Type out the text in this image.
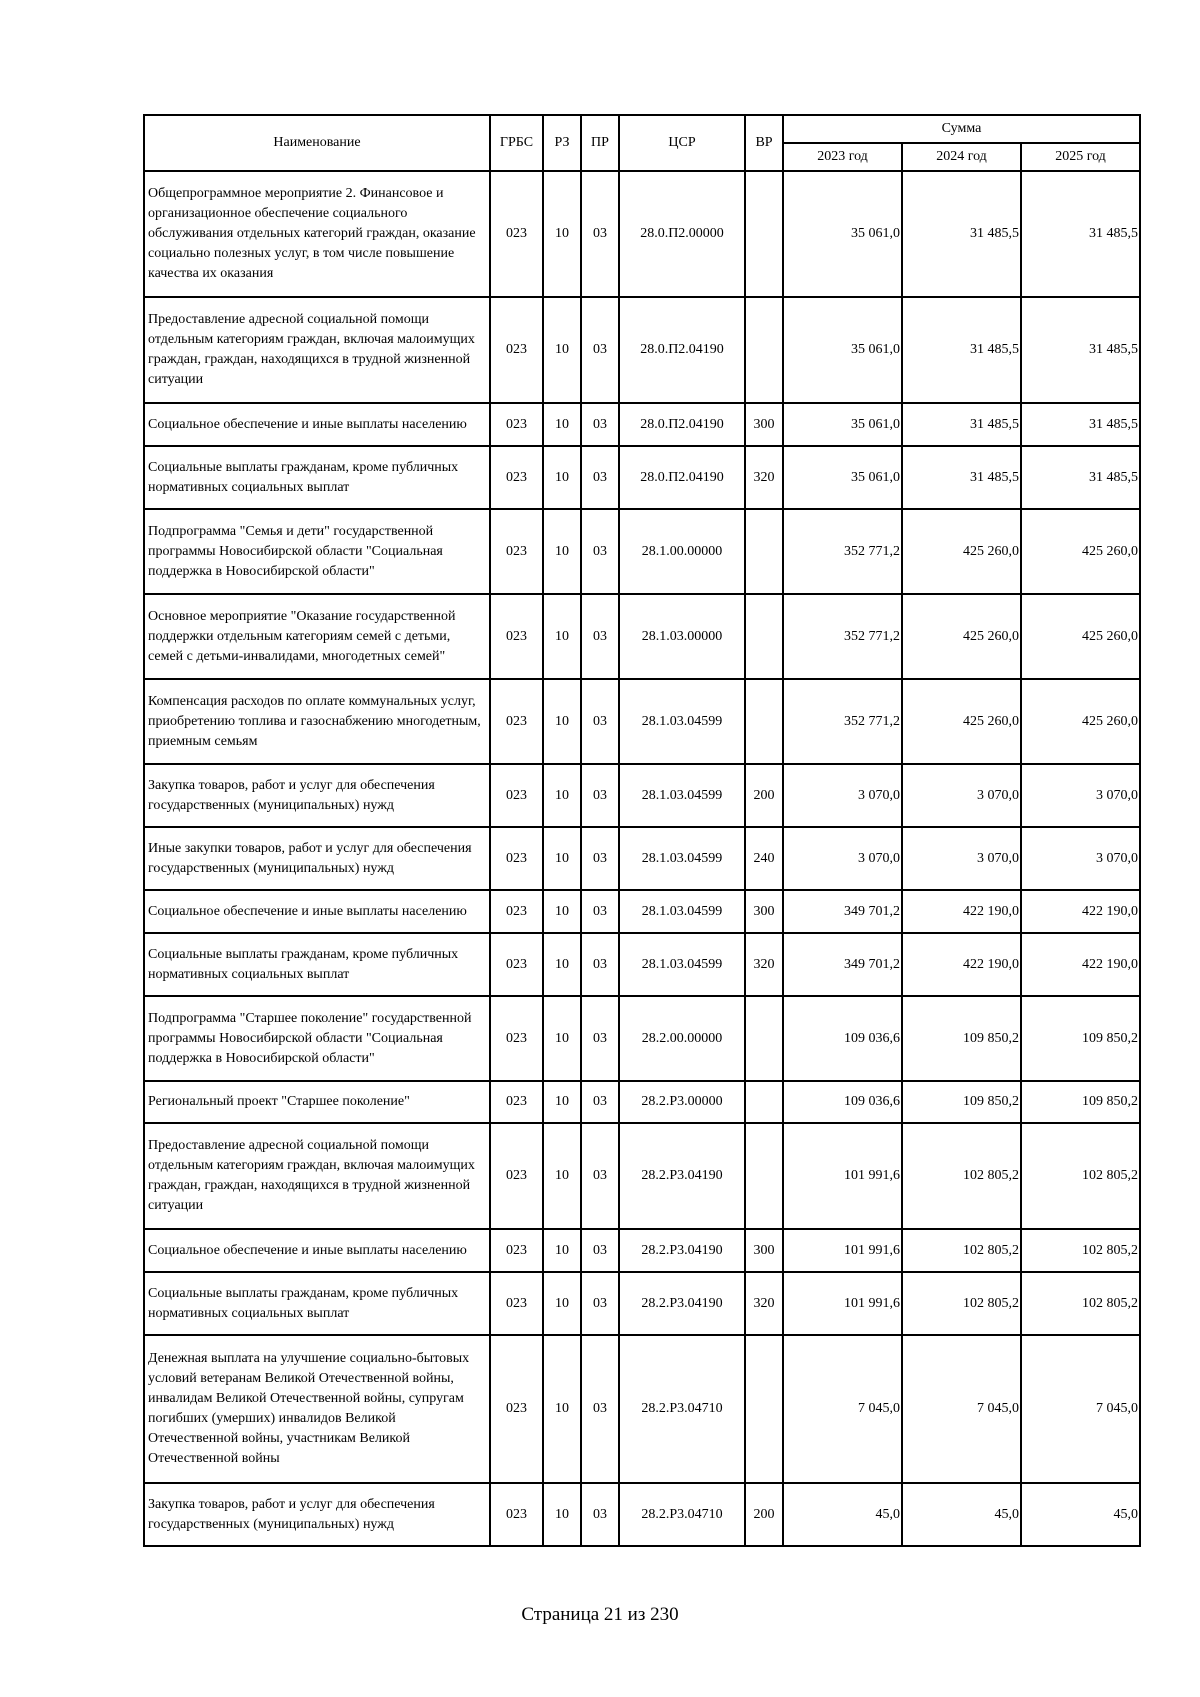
Наименование	ГРБС	РЗ	ПР	ЦСР	ВР	Сумма		
						2023 год	2024 год	2025 год
Общепрограммное мероприятие 2. Финансовое и организационное обеспечение социального обслуживания отдельных категорий граждан, оказание социально полезных услуг, в том числе повышение качества их оказания	023	10	03	28.0.П2.00000		35 061,0	31 485,5	31 485,5
Предоставление адресной социальной помощи отдельным категориям граждан, включая малоимущих граждан, граждан, находящихся в трудной жизненной ситуации	023	10	03	28.0.П2.04190		35 061,0	31 485,5	31 485,5
Социальное обеспечение и иные выплаты населению	023	10	03	28.0.П2.04190	300	35 061,0	31 485,5	31 485,5
Социальные выплаты гражданам, кроме публичных нормативных социальных выплат	023	10	03	28.0.П2.04190	320	35 061,0	31 485,5	31 485,5
Подпрограмма "Семья и дети" государственной программы Новосибирской области "Социальная поддержка в Новосибирской области"	023	10	03	28.1.00.00000		352 771,2	425 260,0	425 260,0
Основное мероприятие "Оказание государственной поддержки отдельным категориям семей с детьми, семей с детьми-инвалидами, многодетных семей"	023	10	03	28.1.03.00000		352 771,2	425 260,0	425 260,0
Компенсация расходов по оплате коммунальных услуг, приобретению топлива и газоснабжению многодетным, приемным семьям	023	10	03	28.1.03.04599		352 771,2	425 260,0	425 260,0
Закупка товаров, работ и услуг для обеспечения государственных (муниципальных) нужд	023	10	03	28.1.03.04599	200	3 070,0	3 070,0	3 070,0
Иные закупки товаров, работ и услуг для обеспечения государственных (муниципальных) нужд	023	10	03	28.1.03.04599	240	3 070,0	3 070,0	3 070,0
Социальное обеспечение и иные выплаты населению	023	10	03	28.1.03.04599	300	349 701,2	422 190,0	422 190,0
Социальные выплаты гражданам, кроме публичных нормативных социальных выплат	023	10	03	28.1.03.04599	320	349 701,2	422 190,0	422 190,0
Подпрограмма "Старшее поколение" государственной программы Новосибирской области "Социальная поддержка в Новосибирской области"	023	10	03	28.2.00.00000		109 036,6	109 850,2	109 850,2
Региональный проект "Старшее поколение"	023	10	03	28.2.P3.00000		109 036,6	109 850,2	109 850,2
Предоставление адресной социальной помощи отдельным категориям граждан, включая малоимущих граждан, граждан, находящихся в трудной жизненной ситуации	023	10	03	28.2.P3.04190		101 991,6	102 805,2	102 805,2
Социальное обеспечение и иные выплаты населению	023	10	03	28.2.P3.04190	300	101 991,6	102 805,2	102 805,2
Социальные выплаты гражданам, кроме публичных нормативных социальных выплат	023	10	03	28.2.P3.04190	320	101 991,6	102 805,2	102 805,2
Денежная выплата на улучшение социально-бытовых условий ветеранам Великой Отечественной войны, инвалидам Великой Отечественной войны, супругам погибших (умерших) инвалидов Великой Отечественной войны, участникам Великой Отечественной войны	023	10	03	28.2.P3.04710		7 045,0	7 045,0	7 045,0
Закупка товаров, работ и услуг для обеспечения государственных (муниципальных) нужд	023	10	03	28.2.P3.04710	200	45,0	45,0	45,0
Страница 21 из 230
